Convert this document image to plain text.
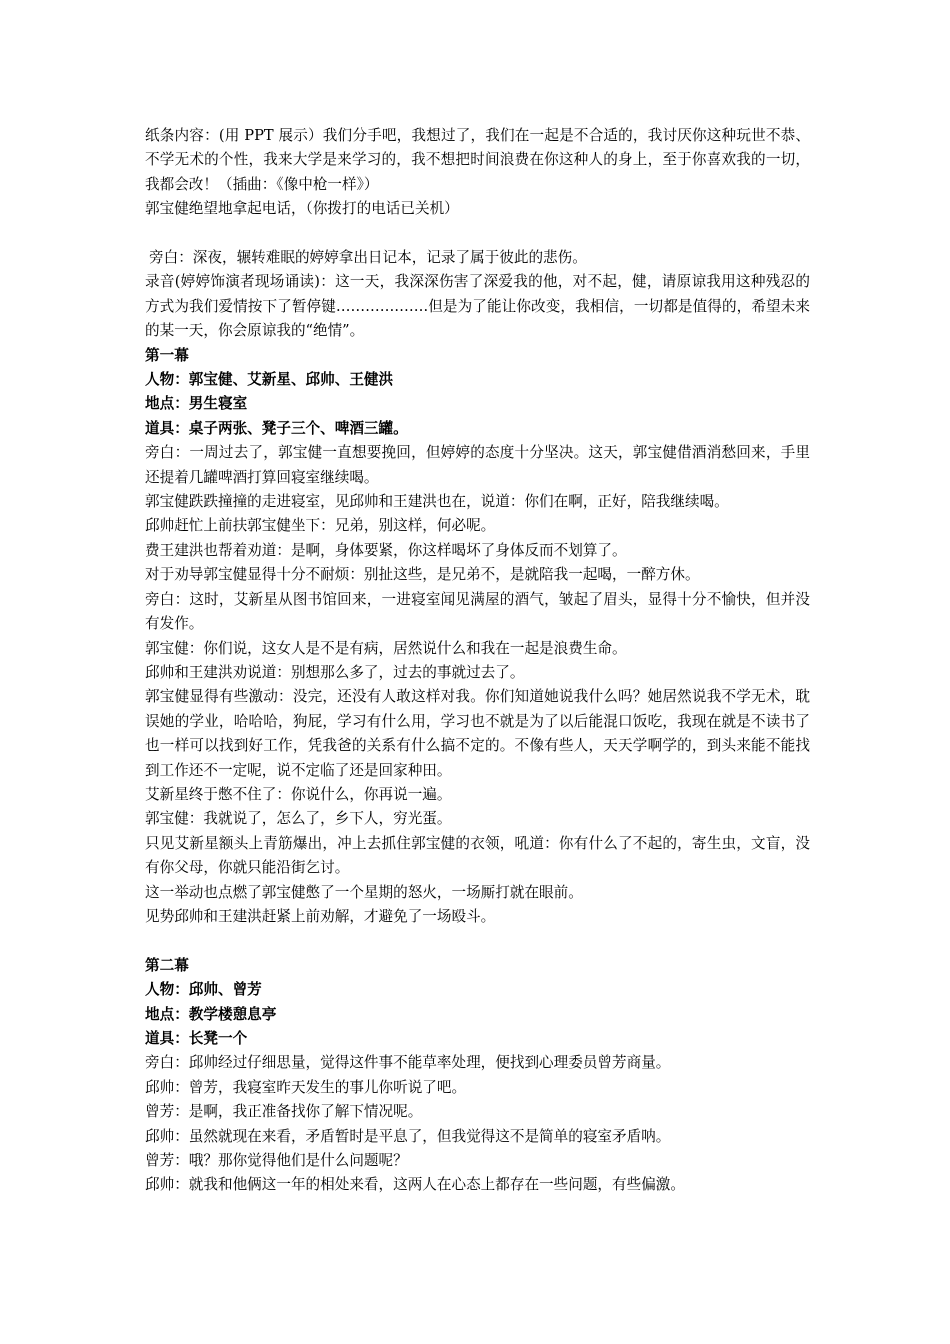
纸条内容：(用 PPT 展示）我们分手吧，我想过了，我们在一起是不合适的，我讨厌你这种玩世不恭、不学无术的个性，我来大学是来学习的，我不想把时间浪费在你这种人的身上，至于你喜欢我的一切，我都会改！（插曲：《像中枪一样》）
郭宝健绝望地拿起电话，（你拨打的电话已关机）
旁白：深夜，辗转难眠的婷婷拿出日记本，记录了属于彼此的悲伤。
录音(婷婷饰演者现场诵读)：这一天，我深深伤害了深爱我的他，对不起，健，请原谅我用这种残忍的方式为我们爱情按下了暂停键……………….但是为了能让你改变，我相信，一切都是值得的，希望未来的某一天，你会原谅我的“绝情”。
第一幕
人物：郭宝健、艾新星、邱帅、王健洪
地点：男生寝室
道具：桌子两张、凳子三个、啤酒三罐。
旁白：一周过去了，郭宝健一直想要挽回，但婷婷的态度十分坚决。这天，郭宝健借酒消愁回来，手里还提着几罐啤酒打算回寝室继续喝。
郭宝健跌跌撞撞的走进寝室，见邱帅和王建洪也在，说道：你们在啊，正好，陪我继续喝。
邱帅赶忙上前扶郭宝健坐下：兄弟，别这样，何必呢。
费王建洪也帮着劝道：是啊，身体要紧，你这样喝坏了身体反而不划算了。
对于劝导郭宝健显得十分不耐烦：别扯这些，是兄弟不，是就陪我一起喝，一醉方休。
旁白：这时，艾新星从图书馆回来，一进寝室闻见满屋的酒气，皱起了眉头，显得十分不愉快，但并没有发作。
郭宝健：你们说，这女人是不是有病，居然说什么和我在一起是浪费生命。
邱帅和王建洪劝说道：别想那么多了，过去的事就过去了。
郭宝健显得有些激动：没完，还没有人敢这样对我。你们知道她说我什么吗？她居然说我不学无术，耽误她的学业，哈哈哈，狗屁，学习有什么用，学习也不就是为了以后能混口饭吃，我现在就是不读书了也一样可以找到好工作，凭我爸的关系有什么搞不定的。不像有些人，天天学啊学的，到头来能不能找到工作还不一定呢，说不定临了还是回家种田。
艾新星终于憋不住了：你说什么，你再说一遍。
郭宝健：我就说了，怎么了，乡下人，穷光蛋。
只见艾新星额头上青筋爆出，冲上去抓住郭宝健的衣领，吼道：你有什么了不起的，寄生虫，文盲，没有你父母，你就只能沿街乞讨。
这一举动也点燃了郭宝健憋了一个星期的怒火，一场厮打就在眼前。
见势邱帅和王建洪赶紧上前劝解，才避免了一场殴斗。
第二幕
人物：邱帅、曾芳
地点：教学楼憩息亭
道具：长凳一个
旁白：邱帅经过仔细思量，觉得这件事不能草率处理，便找到心理委员曾芳商量。
邱帅：曾芳，我寝室昨天发生的事儿你听说了吧。
曾芳：是啊，我正准备找你了解下情况呢。
邱帅：虽然就现在来看，矛盾暂时是平息了，但我觉得这不是简单的寝室矛盾呐。
曾芳：哦？那你觉得他们是什么问题呢？
邱帅：就我和他俩这一年的相处来看，这两人在心态上都存在一些问题，有些偏激。
